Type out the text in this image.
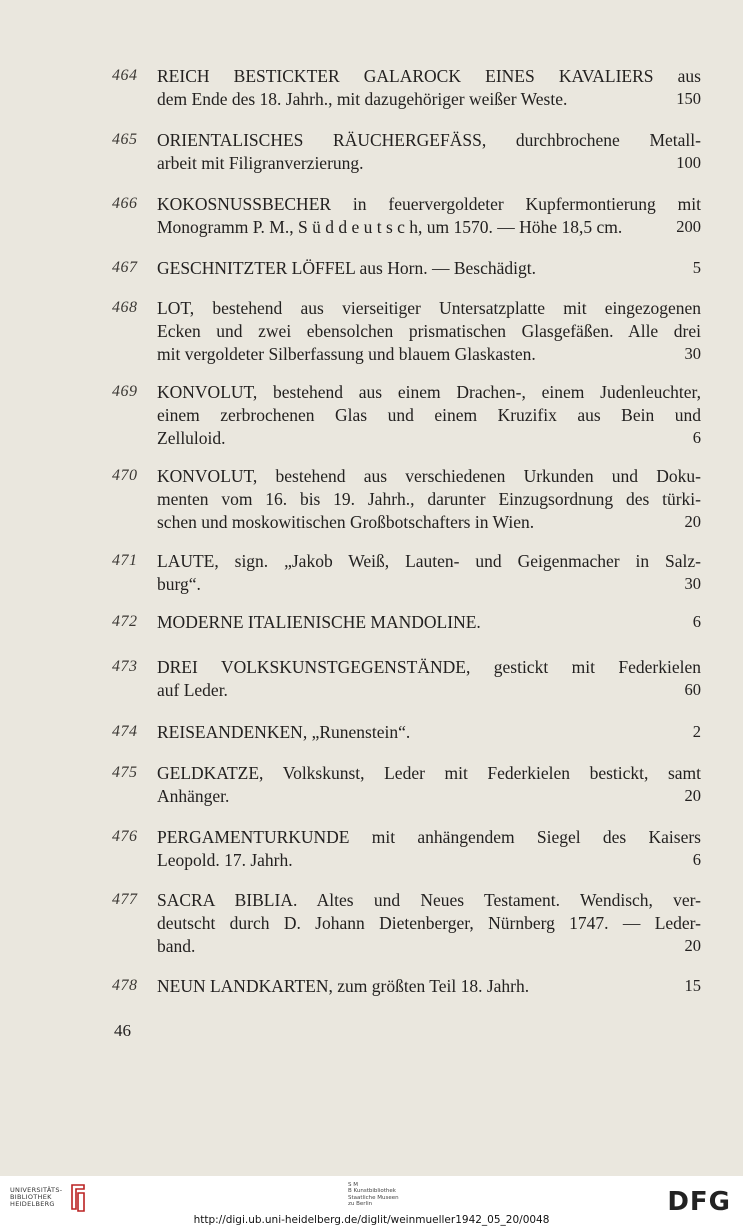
464 REICH BESTICKTER GALAROCK EINES KAVALIERS aus
dem Ende des 18. Jahrh., mit dazugehöriger weißer Weste.	150
465 ORIENTALISCHES RÄUCHERGEFÄSS, durchbrochene Metall-
arbeit mit Filigranverzierung.	100
466 KOKOSNUSSBECHER in feuervergoldeter Kupfermontierung mit
Monogramm P. M., S ü d d e u t s c h, um 1570. — Höhe 18,5 cm.	200
467 GESCHNITZTER LÖFFEL aus Horn. — Beschädigt.	5
468 LOT, bestehend aus vierseitiger Untersatzplatte mit eingezogenen
Ecken und zwei ebensolchen prismatischen Glasgefäßen. Alle drei
mit vergoldeter Silberfassung und blauem Glaskasten.	30
469 KONVOLUT, bestehend aus einem Drachen-, einem Judenleuchter,
einem zerbrochenen Glas und einem Kruzifix aus Bein und
Zelluloid.	6
470 KONVOLUT, bestehend aus verschiedenen Urkunden und Doku-
menten vom 16. bis 19. Jahrh., darunter Einzugsordnung des türki-
schen und moskowitischen Großbotschafters in Wien.	20
471 LAUTE, sign. „Jakob Weiß, Lauten- und Geigenmacher in Salz-
burg“.	30
472 MODERNE ITALIENISCHE MANDOLINE.	6
473 DREI VOLKSKUNSTGEGENSTÄNDE, gestickt mit Federkielen
auf Leder.	60
474 REISEANDENKEN, „Runenstein“.	2
475 GELDKATZE, Volkskunst, Leder mit Federkielen bestickt, samt
Anhänger.	20
476 PERGAMENTURKUNDE mit anhängendem Siegel des Kaisers
Leopold. 17. Jahrh.	6
477 SACRA BIBLIA. Altes und Neues Testament. Wendisch, ver-
deutscht durch D. Johann Dietenberger, Nürnberg 1747. — Leder-
band.	20
478 NEUN LANDKARTEN, zum größten Teil 18. Jahrh.	15
46
UNIVERSITÄTS-
BIBLIOTHEK
HEIDELBERG
S M
B Kunstbibliothek
Staatliche Museen
zu Berlin	DFG
http://digi.ub.uni-heidelberg.de/diglit/weinmueller1942_05_20/0048
